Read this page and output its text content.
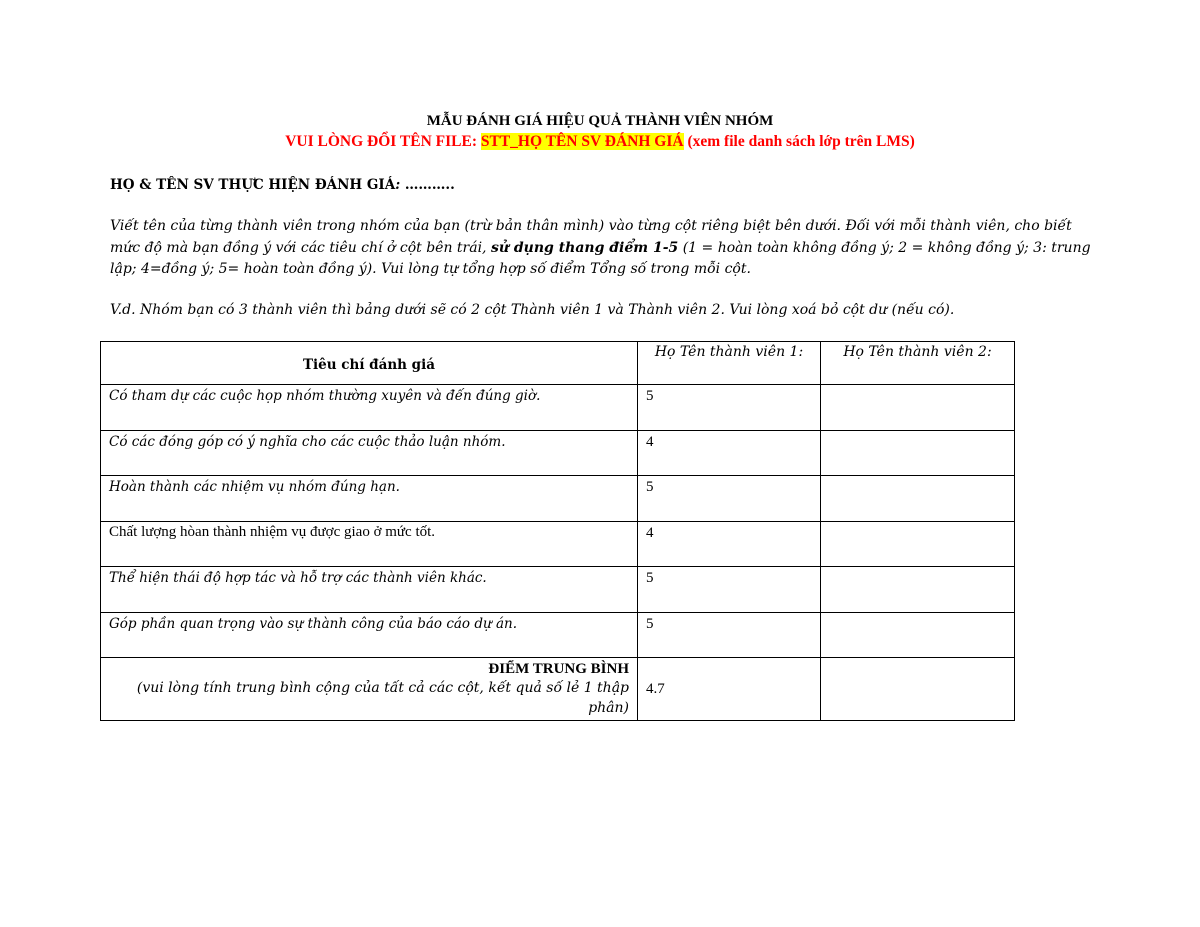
MẪU ĐÁNH GIÁ HIỆU QUẢ THÀNH VIÊN NHÓM
VUI LÒNG ĐỔI TÊN FILE: STT_HỌ TÊN SV ĐÁNH GIÁ (xem file danh sách lớp trên LMS)
HỌ & TÊN SV THỰC HIỆN ĐÁNH GIÁ: ………..
Viết tên của từng thành viên trong nhóm của bạn (trừ bản thân mình) vào từng cột riêng biệt bên dưới. Đối với mỗi thành viên, cho biết mức độ mà bạn đồng ý với các tiêu chí ở cột bên trái, sử dụng thang điểm 1-5 (1 = hoàn toàn không đồng ý; 2 = không đồng ý; 3: trung lập; 4=đồng ý; 5= hoàn toàn đồng ý). Vui lòng tự tổng hợp số điểm Tổng số trong mỗi cột.
V.d. Nhóm bạn có 3 thành viên thì bảng dưới sẽ có 2 cột Thành viên 1 và Thành viên 2. Vui lòng xoá bỏ cột dư (nếu có).
Tiêu chí đánh giá	Họ Tên thành viên 1:	Họ Tên thành viên 2:
Có tham dự các cuộc họp nhóm thường xuyên và đến đúng giờ.	5	
Có các đóng góp có ý nghĩa cho các cuộc thảo luận nhóm.	4	
Hoàn thành các nhiệm vụ nhóm đúng hạn.	5	
Chất lượng hòan thành nhiệm vụ được giao ở mức tốt.	4	
Thể hiện thái độ hợp tác và hỗ trợ các thành viên khác.	5	
Góp phần quan trọng vào sự thành công của báo cáo dự án.	5	

ĐIỂM TRUNG BÌNH
(vui lòng tính trung bình cộng của tất cả các cột, kết quả số lẻ 1 thập phân)	4.7	
